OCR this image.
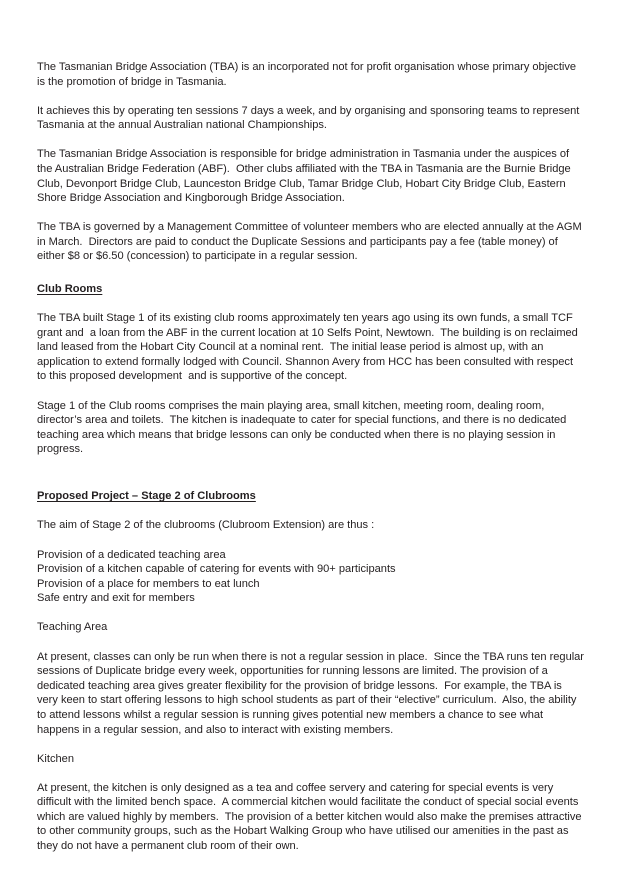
The Tasmanian Bridge Association (TBA) is an incorporated not for profit organisation whose primary objective is the promotion of bridge in Tasmania.

It achieves this by operating ten sessions 7 days a week, and by organising and sponsoring teams to represent Tasmania at the annual Australian national Championships.

The Tasmanian Bridge Association is responsible for bridge administration in Tasmania under the auspices of the Australian Bridge Federation (ABF).  Other clubs affiliated with the TBA in Tasmania are the Burnie Bridge Club, Devonport Bridge Club, Launceston Bridge Club, Tamar Bridge Club, Hobart City Bridge Club, Eastern Shore Bridge Association and Kingborough Bridge Association.

The TBA is governed by a Management Committee of volunteer members who are elected annually at the AGM in March.  Directors are paid to conduct the Duplicate Sessions and participants pay a fee (table money) of either $8 or $6.50 (concession) to participate in a regular session.

Club Rooms

The TBA built Stage 1 of its existing club rooms approximately ten years ago using its own funds, a small TCF grant and  a loan from the ABF in the current location at 10 Selfs Point, Newtown.  The building is on reclaimed land leased from the Hobart City Council at a nominal rent.  The initial lease period is almost up, with an application to extend formally lodged with Council. Shannon Avery from HCC has been consulted with respect to this proposed development  and is supportive of the concept.

Stage 1 of the Club rooms comprises the main playing area, small kitchen, meeting room, dealing room, director’s area and toilets.  The kitchen is inadequate to cater for special functions, and there is no dedicated teaching area which means that bridge lessons can only be conducted when there is no playing session in progress.

Proposed Project – Stage 2 of Clubrooms

The aim of Stage 2 of the clubrooms (Clubroom Extension) are thus :

Provision of a dedicated teaching area
Provision of a kitchen capable of catering for events with 90+ participants
Provision of a place for members to eat lunch
Safe entry and exit for members
Teaching Area

At present, classes can only be run when there is not a regular session in place.  Since the TBA runs ten regular sessions of Duplicate bridge every week, opportunities for running lessons are limited. The provision of a dedicated teaching area gives greater flexibility for the provision of bridge lessons.  For example, the TBA is very keen to start offering lessons to high school students as part of their “elective” curriculum.  Also, the ability to attend lessons whilst a regular session is running gives potential new members a chance to see what happens in a regular session, and also to interact with existing members.

Kitchen

At present, the kitchen is only designed as a tea and coffee servery and catering for special events is very difficult with the limited bench space.  A commercial kitchen would facilitate the conduct of special social events which are valued highly by members.  The provision of a better kitchen would also make the premises attractive to other community groups, such as the Hobart Walking Group who have utilised our amenities in the past as they do not have a permanent club room of their own.
